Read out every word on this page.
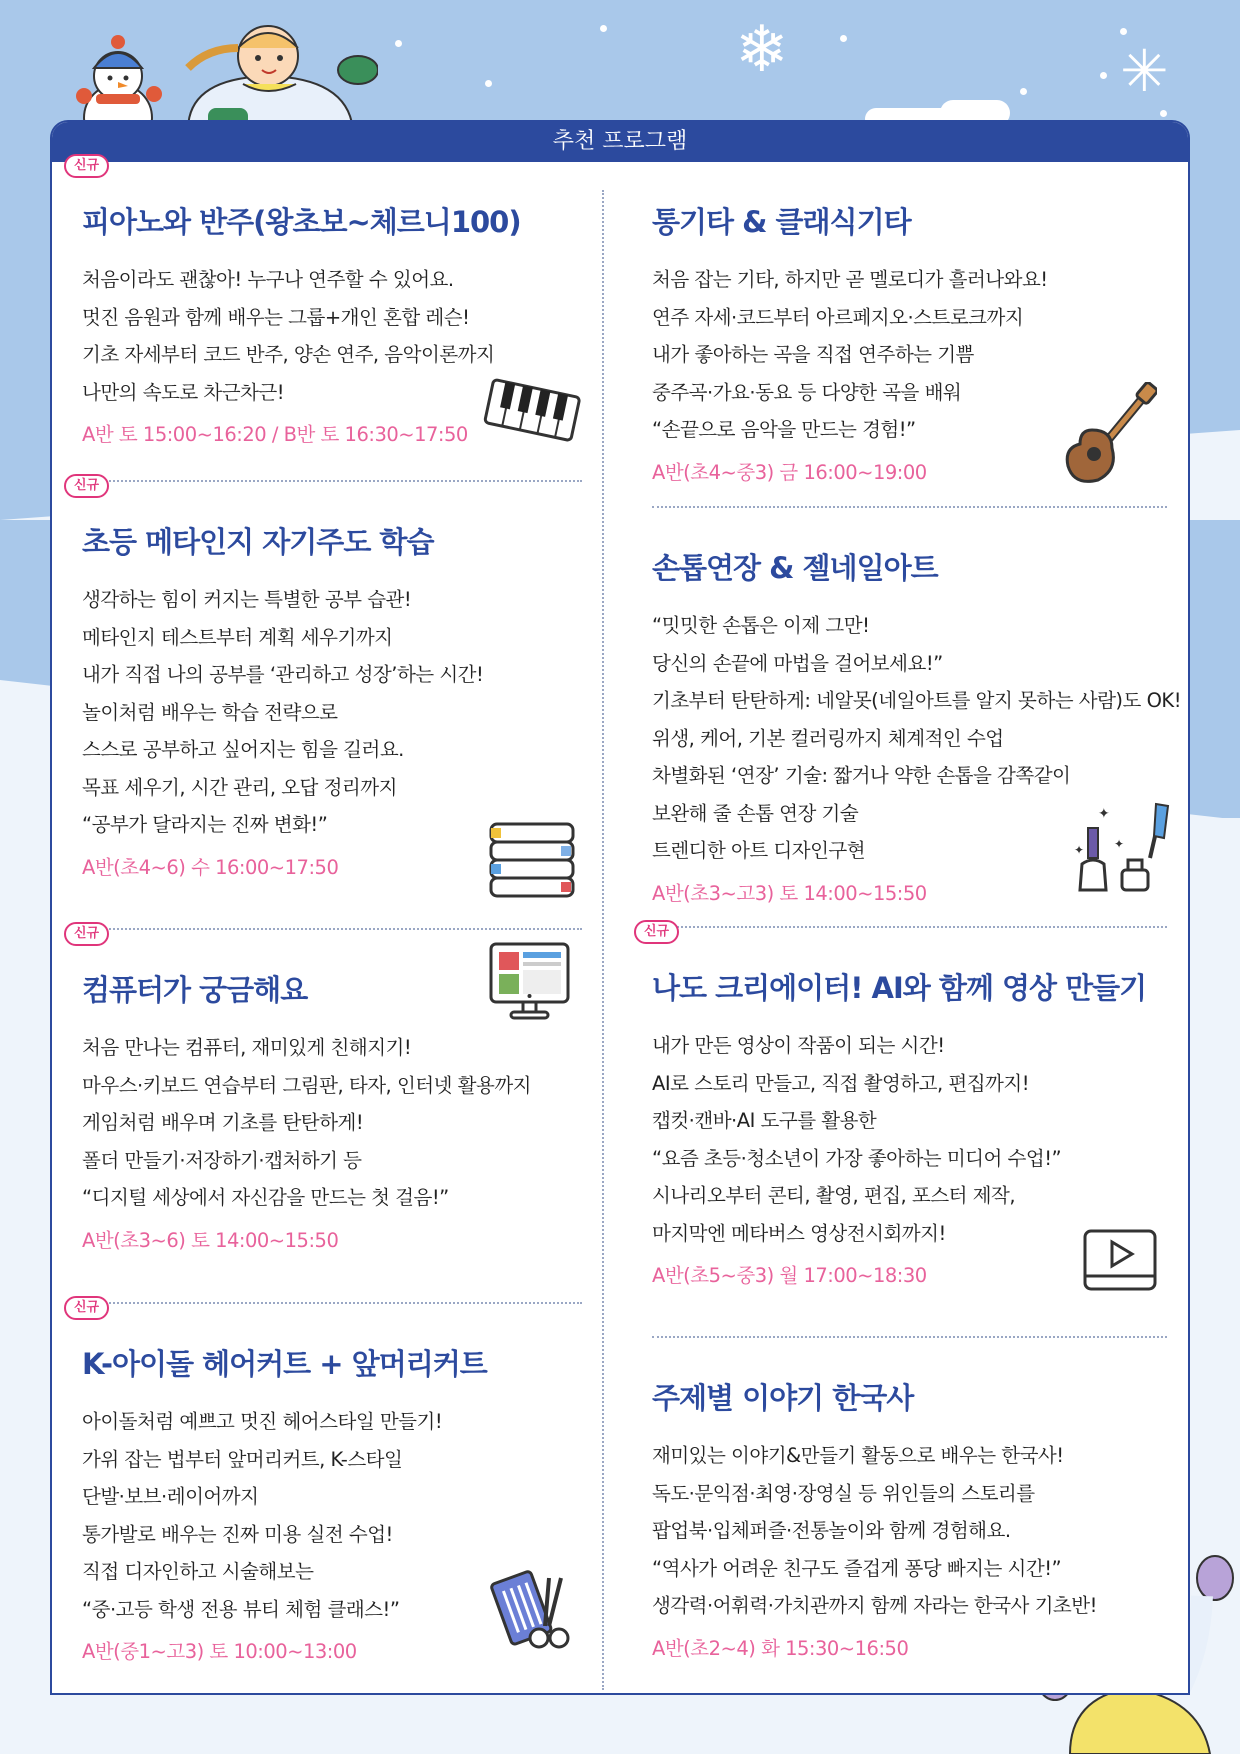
❄	✳
추천 프로그램
신규
피아노와 반주(왕초보~체르니100)
처음이라도 괜찮아! 누구나 연주할 수 있어요.
멋진 음원과 함께 배우는 그룹+개인 혼합 레슨!
기초 자세부터 코드 반주, 양손 연주, 음악이론까지
나만의 속도로 차근차근!
A반 토 15:00~16:20 / B반 토 16:30~17:50
신규
초등 메타인지 자기주도 학습
생각하는 힘이 커지는 특별한 공부 습관!
메타인지 테스트부터 계획 세우기까지
내가 직접 나의 공부를 ‘관리하고 성장’하는 시간!
놀이처럼 배우는 학습 전략으로
스스로 공부하고 싶어지는 힘을 길러요.
목표 세우기, 시간 관리, 오답 정리까지
“공부가 달라지는 진짜 변화!”
A반(초4~6) 수 16:00~17:50
신규
컴퓨터가 궁금해요
처음 만나는 컴퓨터, 재미있게 친해지기!
마우스·키보드 연습부터 그림판, 타자, 인터넷 활용까지
게임처럼 배우며 기초를 탄탄하게!
폴더 만들기·저장하기·캡처하기 등
“디지털 세상에서 자신감을 만드는 첫 걸음!”
A반(초3~6) 토 14:00~15:50
신규
K-아이돌 헤어커트 + 앞머리커트
아이돌처럼 예쁘고 멋진 헤어스타일 만들기!
가위 잡는 법부터 앞머리커트, K-스타일
단발·보브·레이어까지
통가발로 배우는 진짜 미용 실전 수업!
직접 디자인하고 시술해보는
“중·고등 학생 전용 뷰티 체험 클래스!”
A반(중1~고3) 토 10:00~13:00
통기타 & 클래식기타
처음 잡는 기타, 하지만 곧 멜로디가 흘러나와요!
연주 자세·코드부터 아르페지오·스트로크까지
내가 좋아하는 곡을 직접 연주하는 기쁨
중주곡·가요·동요 등 다양한 곡을 배워
“손끝으로 음악을 만드는 경험!”
A반(초4~중3) 금 16:00~19:00
손톱연장 & 젤네일아트
“밋밋한 손톱은 이제 그만!
당신의 손끝에 마법을 걸어보세요!”
기초부터 탄탄하게: 네알못(네일아트를 알지 못하는 사람)도 OK!
위생, 케어, 기본 컬러링까지 체계적인 수업
차별화된 ‘연장’ 기술: 짧거나 약한 손톱을 감쪽같이
보완해 줄 손톱 연장 기술
트렌디한 아트 디자인구현
A반(초3~고3) 토 14:00~15:50
✦
✦ ✦
신규
나도 크리에이터! AI와 함께 영상 만들기
내가 만든 영상이 작품이 되는 시간!
AI로 스토리 만들고, 직접 촬영하고, 편집까지!
캡컷·캔바·AI 도구를 활용한
“요즘 초등·청소년이 가장 좋아하는 미디어 수업!”
시나리오부터 콘티, 촬영, 편집, 포스터 제작,
마지막엔 메타버스 영상전시회까지!
A반(초5~중3) 월 17:00~18:30
주제별 이야기 한국사
재미있는 이야기&만들기 활동으로 배우는 한국사!
독도·문익점·최영·장영실 등 위인들의 스토리를
팝업북·입체퍼즐·전통놀이와 함께 경험해요.
“역사가 어려운 친구도 즐겁게 퐁당 빠지는 시간!”
생각력·어휘력·가치관까지 함께 자라는 한국사 기초반!
A반(초2~4) 화 15:30~16:50
